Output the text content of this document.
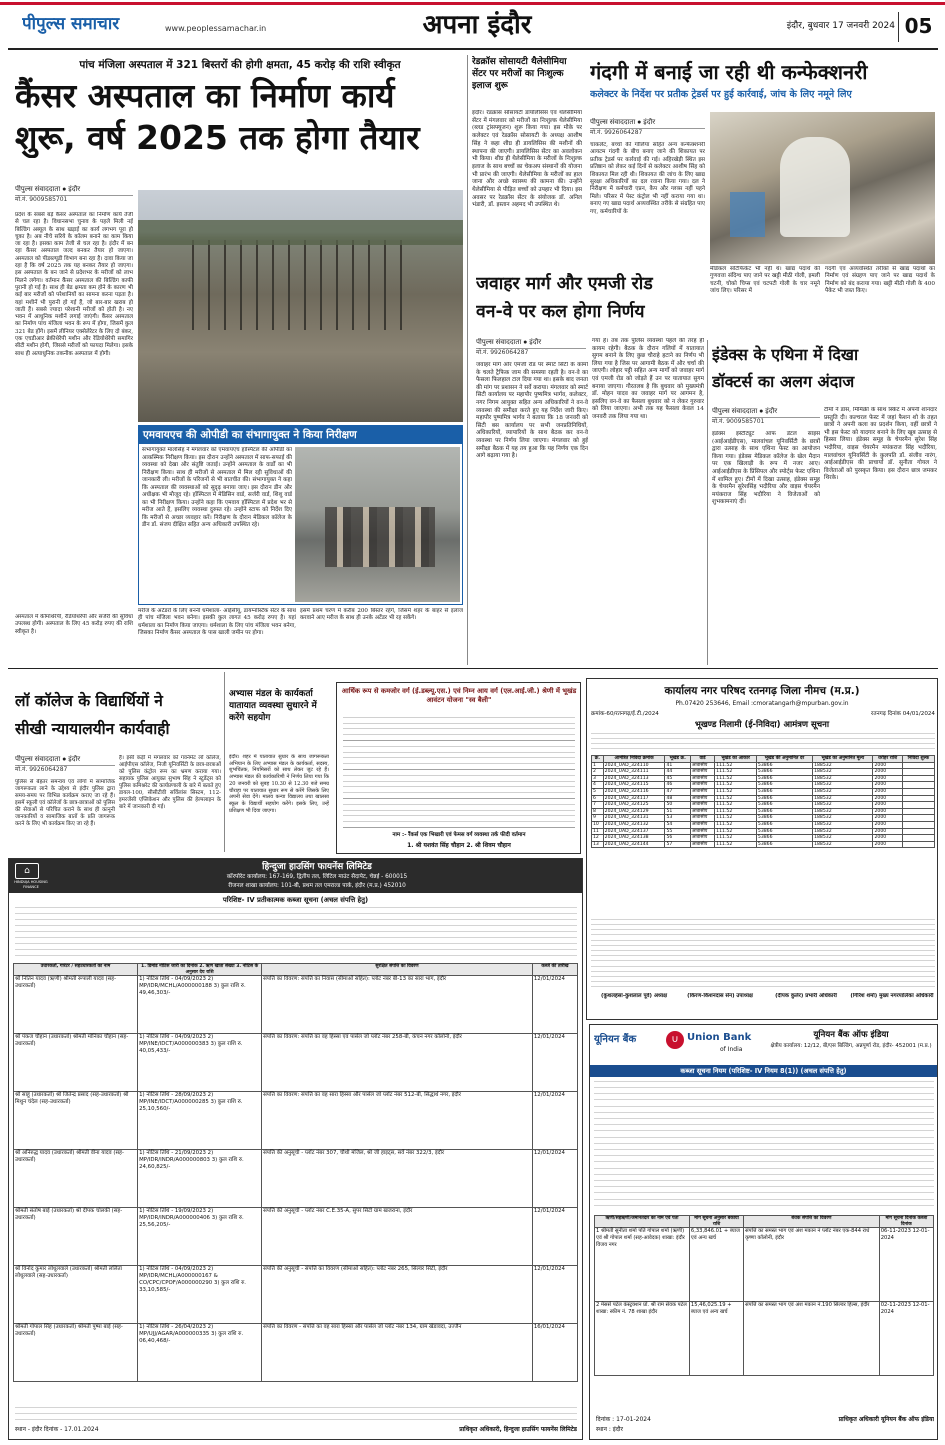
पीपुल्स समाचार	www.peoplessamachar.in	अपना इंदौर	इंदौर, बुधवार 17 जनवरी 2024 05
पांच मंजिला अस्पताल में 321 बिस्तरों की होगी क्षमता, 45 करोड़ की राशि स्वीकृत
कैंसर अस्पताल का निर्माण कार्य
शुरू, वर्ष 2025 तक होगा तैयार
पीपुल्स संवाददाता ● इंदौर
मो.नं. 9009585701
प्रदेश के सबसे बड़े कैंसर अस्पताल का निर्माण कार्य तेजी से चल रहा है। विधानसभा चुनाव के पहले मिली नई बिल्डिंग अब्यूल के साथ खड़ाई का कार्य लगभग पूरा हो चुका है। अब नीचे सरिये के कॉलम बनाने का काम किया जा रहा है। इसका काम तेजी से चल रहा है। इंदौर में बन रहा कैंसर अस्पताल जल्द बनकर तैयार हो जाएगा। अस्पताल को पीडब्ल्यूडी विभाग बना रहा है। दावा किया जा रहा है कि वर्ष 2025 तक यह बनकर तैयार हो जाएगा। इस अस्पताल के बन जाने से प्रदेशभर के मरीजों को लाभ मिलने लगेगा। वर्तमान कैंसर अस्पताल की बिल्डिंग काफी पुरानी हो गई है। साथ ही बेड क्षमता कम होने के कारण भी कई बार मरीजों को परेशानियों का सामना करना पड़ता है। यहां मशीनें भी पुरानी हो गई हैं, जो बार-बार खराब हो जाती हैं। सबसे ज्यादा परेशानी मरीजों को होती है। नए भवन में आधुनिक मशीनें लगाई जाएंगी। कैंसर अस्पताल का निर्माण पांच मंजिला भवन के रूप में होगा, जिसमें कुल 321 बेड होंगे। इसमें लीनियर एक्सेलेरेटर के लिए दो बंकर, एक एचडीआर ब्रेकीथेरेपी मशीन और रेडियोथेरेपी समागिर सीटी मशीन होगी, जिससे मरीजों को फायदा मिलेगा। इसके साथ ही अत्याधुनिक तकनीक अस्पताल में होगी।
अस्पताल में कीमोथेरेपी, रेडियोथेरेपी और सर्जरी की सुविधा उपलब्ध होगी। अस्पताल के लिए 45 करोड़ रुपए की राशि स्वीकृत है।
एमवायएच की ओपीडी का संभागायुक्त ने किया निरीक्षण
संभागायुक्त मालसिंह ने मंगलवार को एमवायएच हॉस्पिटल की ओपीडी का आकस्मिक निरीक्षण किया। इस दौरान उन्होंने अस्पताल में साफ-सफाई की व्यवस्था को देखा और संतुष्टि जताई। उन्होंने अस्पताल के वार्डों का भी निरीक्षण किया। साथ ही मरीजों से अस्पताल में मिल रही सुविधाओं की जानकारी ली। मरीजों के परिजनों से भी बातचीत की। संभागायुक्त ने कहा कि अस्पताल की व्यवस्थाओं को सुदृढ़ बनाया जाए। इस दौरान डीन और अधीक्षक भी मौजूद रहे। हॉस्पिटल में मेडिसिन वार्ड, सर्जरी वार्ड, शिशु वार्ड का भी निरीक्षण किया। उन्होंने कहा कि एमवाय हॉस्पिटल में प्रदेश भर से मरीज आते हैं, इसलिए व्यवस्था दुरुस्त रहे। उन्होंने स्टाफ को निर्देश दिए कि मरीजों से अच्छा व्यवहार करें। निरीक्षण के दौरान मेडिकल कॉलेज के डीन डॉ. संजय दीक्षित सहित अन्य अधिकारी उपस्थित रहे।
मरीज के अटेंडरों के लिए बननी धर्मशाला- आईसीयू, डायग्नोस्टिक सेंटर के साथ ही पांच मंजिला भवन बनेगा। इसकी कुल लागत 45 करोड़ रुपए है। यहां धर्मशाला का निर्माण किया जाएगा। धर्मशाला के लिए पांच मंजिला भवन बनेगा, जिसका निर्माण कैंसर अस्पताल के पास खाली जमीन पर होगा।
इसमें प्रथम चरण में करीब 200 बिस्तर रहेंगे, जिसमें शहर के बाहर से इलाज करवाने आए मरीज के साथ ही उनके अटेंडर भी रह सकेंगे।
रेडक्रॉस सोसायटी थैलेसीमिया सेंटर पर मरीजों का निःशुल्क इलाज शुरू
इंदौर। रेडक्रॉस सोसायटी डायलिसिस एवं थैलेसीमिया सेंटर में मंगलवार को मरीजों का निःशुल्क थैलेसीमिया (ब्लड ट्रांसफ्यूजन) शुरू किया गया। इस मौके पर कलेक्टर एवं रेडक्रॉस सोसायटी के अध्यक्ष आशीष सिंह ने कहा शीघ्र ही डायलिसिस की मशीनों की स्थापना की जाएगी। डायलिसिस सेंटर का अवलोकन भी किया। शीघ्र ही थैलेसीमिया के मरीजों के निःशुल्क इलाज के साथ बच्चों का चेकअप संस्थानों की योजना भी प्रारंभ की जाएगी। थैलेसीमिया के मरीजों का हाल जाना और अच्छे स्वास्थ्य की कामना की। उन्होंने थैलेसीमिया से पीड़ित बच्चों को उपहार भी दिया। इस अवसर पर रेडक्रॉस सेंटर के संयोजक डॉ. अनिल भंडारी, डॉ. इस्तान अहमद भी उपस्थित थे।
गंदगी में बनाई जा रही थी कन्फेक्शनरी
कलेक्टर के निर्देश पर प्रतीक ट्रेडर्स पर हुई कार्रवाई, जांच के लिए नमूने लिए
पीपुल्स संवाददाता ● इंदौर
मो.नं. 9926064287
चाकलेट, बच्चों की गोलियां सहित अन्य कन्फेक्शनरी आयटम गंदगी के बीच बनाए जाने की शिकायत पर प्रतीक ट्रेडर्स पर कार्रवाई की गई। अहिरखेड़ी स्थित इस प्रतिष्ठान को लेकर कई दिनों से कलेक्टर आशीष सिंह को शिकायत मिल रही थी। शिकायत की जांच के लिए खाद्य सुरक्षा अधिकारियों का दल रवाना किया गया। दल ने निरीक्षण में कर्मचारी एप्रन, कैप और ग्लव्स नहीं पहने मिले। परिसर में पेस्ट कंट्रोल भी नहीं कराया गया था। बनाए गए खाद्य पदार्थ अव्यवस्थित तरीके से संग्रहित पाए गए, कर्मचारियों के
मेडिकल सर्टिफिकेट भी नहीं थे। खाद्य पदार्थ की गुणवत्ता संदिग्ध पाए जाने पर खट्टी मीठी गोली, इमली चटनी, चोको चिप्स एवं चटपटी गोली के चार नमूने जांच लिए। परिसर में
गंदगी एवं अव्यवस्थित तरीकों से खाद्य पदार्थों का निर्माण एवं संग्रहण पाए जाने पर खाद्य पदार्थ के निर्माण को बंद कराया गया। खट्टी मीठी गोली के 400 पैकेट भी जब्त किए।
जवाहर मार्ग और एमजी रोड
वन-वे पर कल होगा निर्णय
पीपुल्स संवाददाता ● इंदौर
मो.नं. 9926064287
जवाहर मार्ग और एमजी रोड पर स्मार्ट सिटी के कामों के चलते ट्रैफिक जाम की समस्या रहती है। वन-वे का फैसला फिलहाल टाल दिया गया था। इसके बाद जनता की मांग पर प्रशासन ने सर्वे कराया। मंगलवार को स्मार्ट सिटी कार्यालय पर महापौर पुष्यमित्र भार्गव, कलेक्टर, नगर निगम आयुक्त सहित अन्य अधिकारियों ने वन-वे व्यवस्था की समीक्षा करते हुए यह निर्देश जारी किए। महापौर पुष्यमित्र भार्गव ने बताया कि 18 जनवरी को सिटी बस कार्यालय पर सभी जनप्रतिनिधियों, अधिकारियों, व्यापारियों के साथ बैठक कर वन-वे व्यवस्था पर निर्णय लिया जाएगा। मंगलवार को हुई समीक्षा बैठक में यह तय हुआ कि यह निर्णय एक दिन आगे बढ़ाया गया है।
गया है। तब तक पुलिस व्यवस्था पहले की तरह ही कायम रहेगी। बैठक के दौरान गलियों में यातायात सुगम बनाने के लिए कुछ चौराहे हटाने का निर्णय भी लिया गया है जिस पर आगामी बैठक में और चर्चा की जाएगी। लोहार पट्टी सहित अन्य मार्गों को जवाहर मार्ग एवं एमजी रोड को जोड़ते हैं उन पर यातायात सुगम बनाया जाएगा। गौरतलब है कि बुधवार को मुख्यमंत्री डॉ. मोहन यादव का जवाहर मार्ग पर आगमन है, इसलिए वन-वे का फैसला बुधवार को न लेकर गुरुवार को लिया जाएगा। अभी तक यह फैसला केवल 14 जनवरी तक लिया गया था।
इंडेक्स के एथिना में दिखा
डॉक्टर्स का अलग अंदाज
पीपुल्स संवाददाता ● इंदौर
मो.नं. 9009585701
इंडेक्स इंस्टीट्यूट ऑफ डेंटल साइंस (आईआईडीएस), मालवांचल यूनिवर्सिटी के छात्रों द्वारा उत्साह के साथ एथिना फेस्ट का आयोजन किया गया। इंडेक्स मेडिकल कॉलेज के खेल मैदान पर एक खिलाड़ी के रूप में नजर आए। आईआईडीएस के प्रिंसिपल और स्पोर्ट्स फेस्ट एथिना में शामिल हुए। टीमों में दिखा उत्साह, इंडेक्स समूह के चेयरमैन सुरेशसिंह भदौरिया और वाइस चेयरमैन मयंकराज सिंह भदौरिया ने विजेताओं को शुभकामनाएं दीं।
टीमों ने डांस, मिमिक्री के साथ स्किट में अपनी शानदार प्रस्तुति दी। कल्चरल फेस्ट में जहां फैशन शो के तहत छात्रों ने अपनी कला का प्रदर्शन किया, वहीं छात्रों ने भी इस फेस्ट को यादगार बनाने के लिए खूब उत्साह से हिस्सा लिया। इंडेक्स समूह के चेयरमैन सुरेश सिंह भदौरिया, वाइस चेयरमैन मयंकराज सिंह भदौरिया, मालवांचल यूनिवर्सिटी के कुलपति डॉ. संजीव नारंग, आईआईडीएस की प्राचार्या डॉ. सुनीता गोयल ने विजेताओं को पुरस्कृत किया। इस दौरान छात्र जमकर थिरके।
लॉ कॉलेज के विद्यार्थियों ने
सीखी न्यायालयीन कार्यवाही
पीपुल्स संवाददाता ● इंदौर
मो.नं. 9926064287
पुलिस से बेहतर समन्वय एवं लोगों में सामाजिक जागरूकता लाने के उद्देश्य से इंदौर पुलिस द्वारा समय-समय पर विभिन्न कार्यक्रम कराए जा रहे हैं। इसमें स्कूली एवं कॉलेजों के छात्र-छात्राओं को पुलिस की सेवाओं से परिचित कराने के साथ ही कानूनी जानकारियों व सामाजिक बातों के प्रति जागरूक करने के लिए भी कार्यक्रम किए जा रहे हैं।
है। इसी कड़ी में मंगलवार को गवर्नमेंट लॉ कॉलेज, आईपीएस कॉलेज, निजी यूनिवर्सिटी के छात्र-छात्राओं को पुलिस कंट्रोल रूम का भ्रमण कराया गया। सहायक पुलिस आयुक्त सुभाष सिंह ने स्टूडेंट्स को पुलिस कमिश्नरेट की कार्यप्रणाली के बारे में बताते हुए डायल-100, सीसीटीवी सर्विलांस सिस्टम, 112-इमरजेंसी एप्लिकेशन और पुलिस की हेल्पलाइन के बारे में जानकारी दी गई।
अभ्यास मंडल के कार्यकर्ता यातायात व्यवस्था सुधारने में करेंगे सहयोग
इंदौर। शहर में यातायात सुधार के साथ जागरूकता अभियान के लिए अभ्यास मंडल के कार्यकर्ता, सदस्य, शुभचिंतक, नियमिसरों को साथ लेकर जुट रहे हैं। अभ्यास मंडल की कार्यकारिणी ने निर्णय लिया गया कि 20 जनवरी को सुबह 10.30 से 12.30 बजे समग्र चौराहा पर यातायात सुधार रूप से करेंगे जिसके लिए अपनी सेवा देंगे। मालव कन्या विद्यालय तथा खालसा स्कूल के विद्यार्थी सहयोग करेंगे। इसके लिए, उन्हें प्रशिक्षण भी दिया जाएगा।
आर्थिक रूप से कमजोर वर्ग (ई.डब्ल्यू.एस.) एवं निम्न आय वर्ग (एल.आई.जी.) श्रेणी में भूखंड आवंटन योजना "स्व बैली"
नाम :- रैंकर्स एक भिखारी एवं फेमस वर्ग व्यवस्था तर्क फीदी वर्तमान
1. श्री यशवंत सिंह चौहान 2. श्री शिवम चौहान
कार्यालय नगर परिषद रतनगढ़ जिला नीमच (म.प्र.)
Ph.07420 253646, Email :cmoratangarh@mpurban.gov.in
क्रमांक-60/रतनगढ़/ई.टी./2024	रतनगढ़ दिनांक 04/01/2024
भूखण्ड निलामी (ई-निविदा) आमंत्रण सूचना
क्र.	आमंत्रित निविदा क्रमांक	भूखंड क्र.	वार्ड	भूखंड का आकार	भूखंड की अनुमानित दर	भूखंड का अनुमानित मूल्य	धरोहर राशि	निविदा शुल्क
1	2024_UAD_324110	41	आवासीय	111.52	53866	188532	2000	
2	2024_UAD_324111	44	आवासीय	111.52	53866	188532	2000	
3	2024_UAD_324113	45	आवासीय	111.52	53866	188532	2000	
4	2024_UAD_324115	46	आवासीय	111.52	53866	188532	2000	
5	2024_UAD_324116	47	आवासीय	111.52	53866	188532	2000	
6	2024_UAD_324117	48	आवासीय	111.52	53866	188532	2000	
7	2024_UAD_324125	50	आवासीय	111.52	53866	188532	2000	
8	2024_UAD_324129	51	आवासीय	111.52	53866	188532	2000	
9	2024_UAD_324131	53	आवासीय	111.52	53866	188532	2000	
10	2024_UAD_324132	54	आवासीय	111.52	53866	188532	2000	
11	2024_UAD_324137	55	आवासीय	111.52	53866	188532	2000	
12	2024_UAD_324138	56	आवासीय	111.52	53866	188532	2000	
13	2024_UAD_324144	57	आवासीय	111.52	53866	188532	2000	
(कुशलहंसा-कुशलाल पूर्वे) अध्यक्ष	(किरण-किशनदास सेन) उपाध्यक्ष	(दीपक कुलेर) प्रभारी अधिकारी	(गिरिश शर्मा) मुख्य नगरपालिका अधिकारी
⌂
HINDUJA HOUSING FINANCE
हिन्दुजा हाउसिंग फायनेंस लिमिटेड
कॉरपोरेट कार्यालय: 167-169, द्वितीय तल, लिटिल माउंट सैदापेट, चेन्नई - 600015
रीजनल शाखा कार्यालय: 101-बी, प्रथम तल एमराल्ड पार्क, इंदौर (म.प्र.) 452010
परिशिष्ट- IV प्रतीकात्मक कब्जा सूचना (अचल संपत्ति हेतु)
उधारकर्ता, गारंटर / सहउधारकर्ता का नाम	1. डिमांड नोटिस जारी का दिनांक 2. ऋण खाता संख्या 3. नोटिस के अनुसार देय राशि	सुरक्षित संपत्ति का विवरण	कब्जे की तारीख
श्री नितिन यादव (ऋणी) श्रीमती रूपाली यादव (सह-उधारकर्ता)	1) नोटिस तिथि - 04/09/2023 2) MP/IDR/MCHL/A000000188 3) कुल राशि रु. 49,46,303/-	संपत्ति का विवरण: संपत्ति का निवास (सीमाओं सहित): प्लॉट नंबर बी-13 का सारा भाग, इंदौर	12/01/2024
श्री पंकज चौहान (उधारकर्ता) श्रीमती मोनिका चौहान (सह-उधारकर्ता)	1) नोटिस तिथि - 04/09/2023 2) MP/INE/IDCT/A000000383 3) कुल राशि रु. 40,05,433/-	संपत्ति का विवरण: संपत्ति का वह हिस्सा एवं पार्सल जो प्लॉट नंबर 258-बी, कंचन नगर कॉलोनी, इंदौर	12/01/2024
श्री साहू (उधारकर्ता) श्री जितेन्द्र प्रसाद (सह-उधारकर्ता) श्री मिथुन चंदेल (सह-उधारकर्ता)	1) नोटिस तिथि - 28/09/2023 2) MP/INE/IDCT/A000000285 3) कुल राशि रु. 25,10,560/-	संपत्ति का विवरण: संपत्ति का वह सारा हिस्सा और पार्सल जो प्लॉट नंबर 512-बी, सिद्धार्थ नगर, इंदौर	12/01/2024
श्री अनिरुद्ध यादव (उधारकर्ता) श्रीमती वीना यादव (सह-उधारकर्ता)	1) नोटिस तिथि - 21/09/2023 2) MP/IDR/INDR/A000000803 3) कुल राशि रु. 24,60,825/-	संपत्ति की अनुसूची - प्लॉट नंबर 307, चौथी मंजिल, श्री जी हाइट्स, सर्वे नंबर 322/3, इंदौर	12/01/2024
श्रीमती संतोष बाई (उधारकर्ता) श्री दीपक चोलकी (सह-उधारकर्ता)	1) नोटिस तिथि - 19/09/2023 2) MP/IDR/INDR/A000000406 3) कुल राशि रु. 25,56,205/-	संपत्ति की अनुसूची - प्लॉट नंबर C.E.35-A, सुपर सिटी ग्राम खजराना, इंदौर	12/01/2024
श्री विनोद कुमार लोधूलवाले (उधारकर्ता) श्रीमती ललिता लोधूलवाले (सह-उधारकर्ता)	1) नोटिस तिथि - 04/09/2023 2) MP/IDR/MCHL/A000000167 & CO/CPC/CPOF/A000000290 3) कुल राशि रु. 33,10,585/-	संपत्ति की अनुसूची - संपत्ति का विवरण (सीमाओं सहित): प्लॉट नंबर 265, सिल्वर सिटी, इंदौर	12/01/2024
श्रीमती गोपाल सिंह (उधारकर्ता) श्रीमती पुष्पा बाई (सह-उधारकर्ता)	1) नोटिस तिथि - 26/04/2023 2) MP/UJJ/AGAR/A000000335 3) कुल राशि रु. 06,40,468/-	संपत्ति का विवरण - संपत्ति का वह सारा हिस्सा और पार्सल जो प्लॉट नंबर 134, ग्राम खेडावदा, उज्जैन	16/01/2024
स्थान - इंदौर दिनांक - 17.01.2024	प्राधिकृत अधिकारी, हिन्दुजा हाउसिंग फायनेंस लिमिटेड
यूनियन बैंक	∪ Union Bank
of India
यूनियन बैंक ऑफ इंडिया
क्षेत्रीय कार्यालय: 12/12, बी/एस बिल्डिंग, अन्नपूर्णा रोड, इंदौर- 452001 (म.प्र.)
कब्जा सूचना नियम (परिशिष्ट- IV नियम 8(1)) (अचल संपत्ति हेतु)
ऋणी/सहऋणी/जमानतदार का नाम एवं पता	मांग सूचना अनुसार बकाया राशि	बंधक संपत्ति का विवरण	मांग सूचना दिनांक कब्जा दिनांक
1 श्रीमती सुनीता शर्मा पति गोपाल शर्मा (ऋणी) एवं श्री गोपाल शर्मा (सह-आवेदक) शाखा: इंदौर विजय नगर	6,33,846.01 + ब्याज एवं अन्य खर्च	संपत्ति का समस्त भाग एवं अंश मकान नं प्लॉट नंबर एक-844 राधे कृष्णा कॉलोनी, इंदौर	06-11-2023 12-01-2024
2 मेसर्स पटेल कंस्ट्रक्शन प्रो. श्री राम सेवक पटेल शाखा: स्कीम नं. 78 शाखा इंदौर	15,46,025.19 + ब्याज एवं अन्य खर्च	संपत्ति का समस्त भाग एवं अंश मकान नं.190 सिल्वर हिल्स, इंदौर	02-11-2023 12-01-2024
दिनांक : 17-01-2024
स्थान : इंदौर
प्राधिकृत अधिकारी यूनियन बैंक ऑफ इंडिया
